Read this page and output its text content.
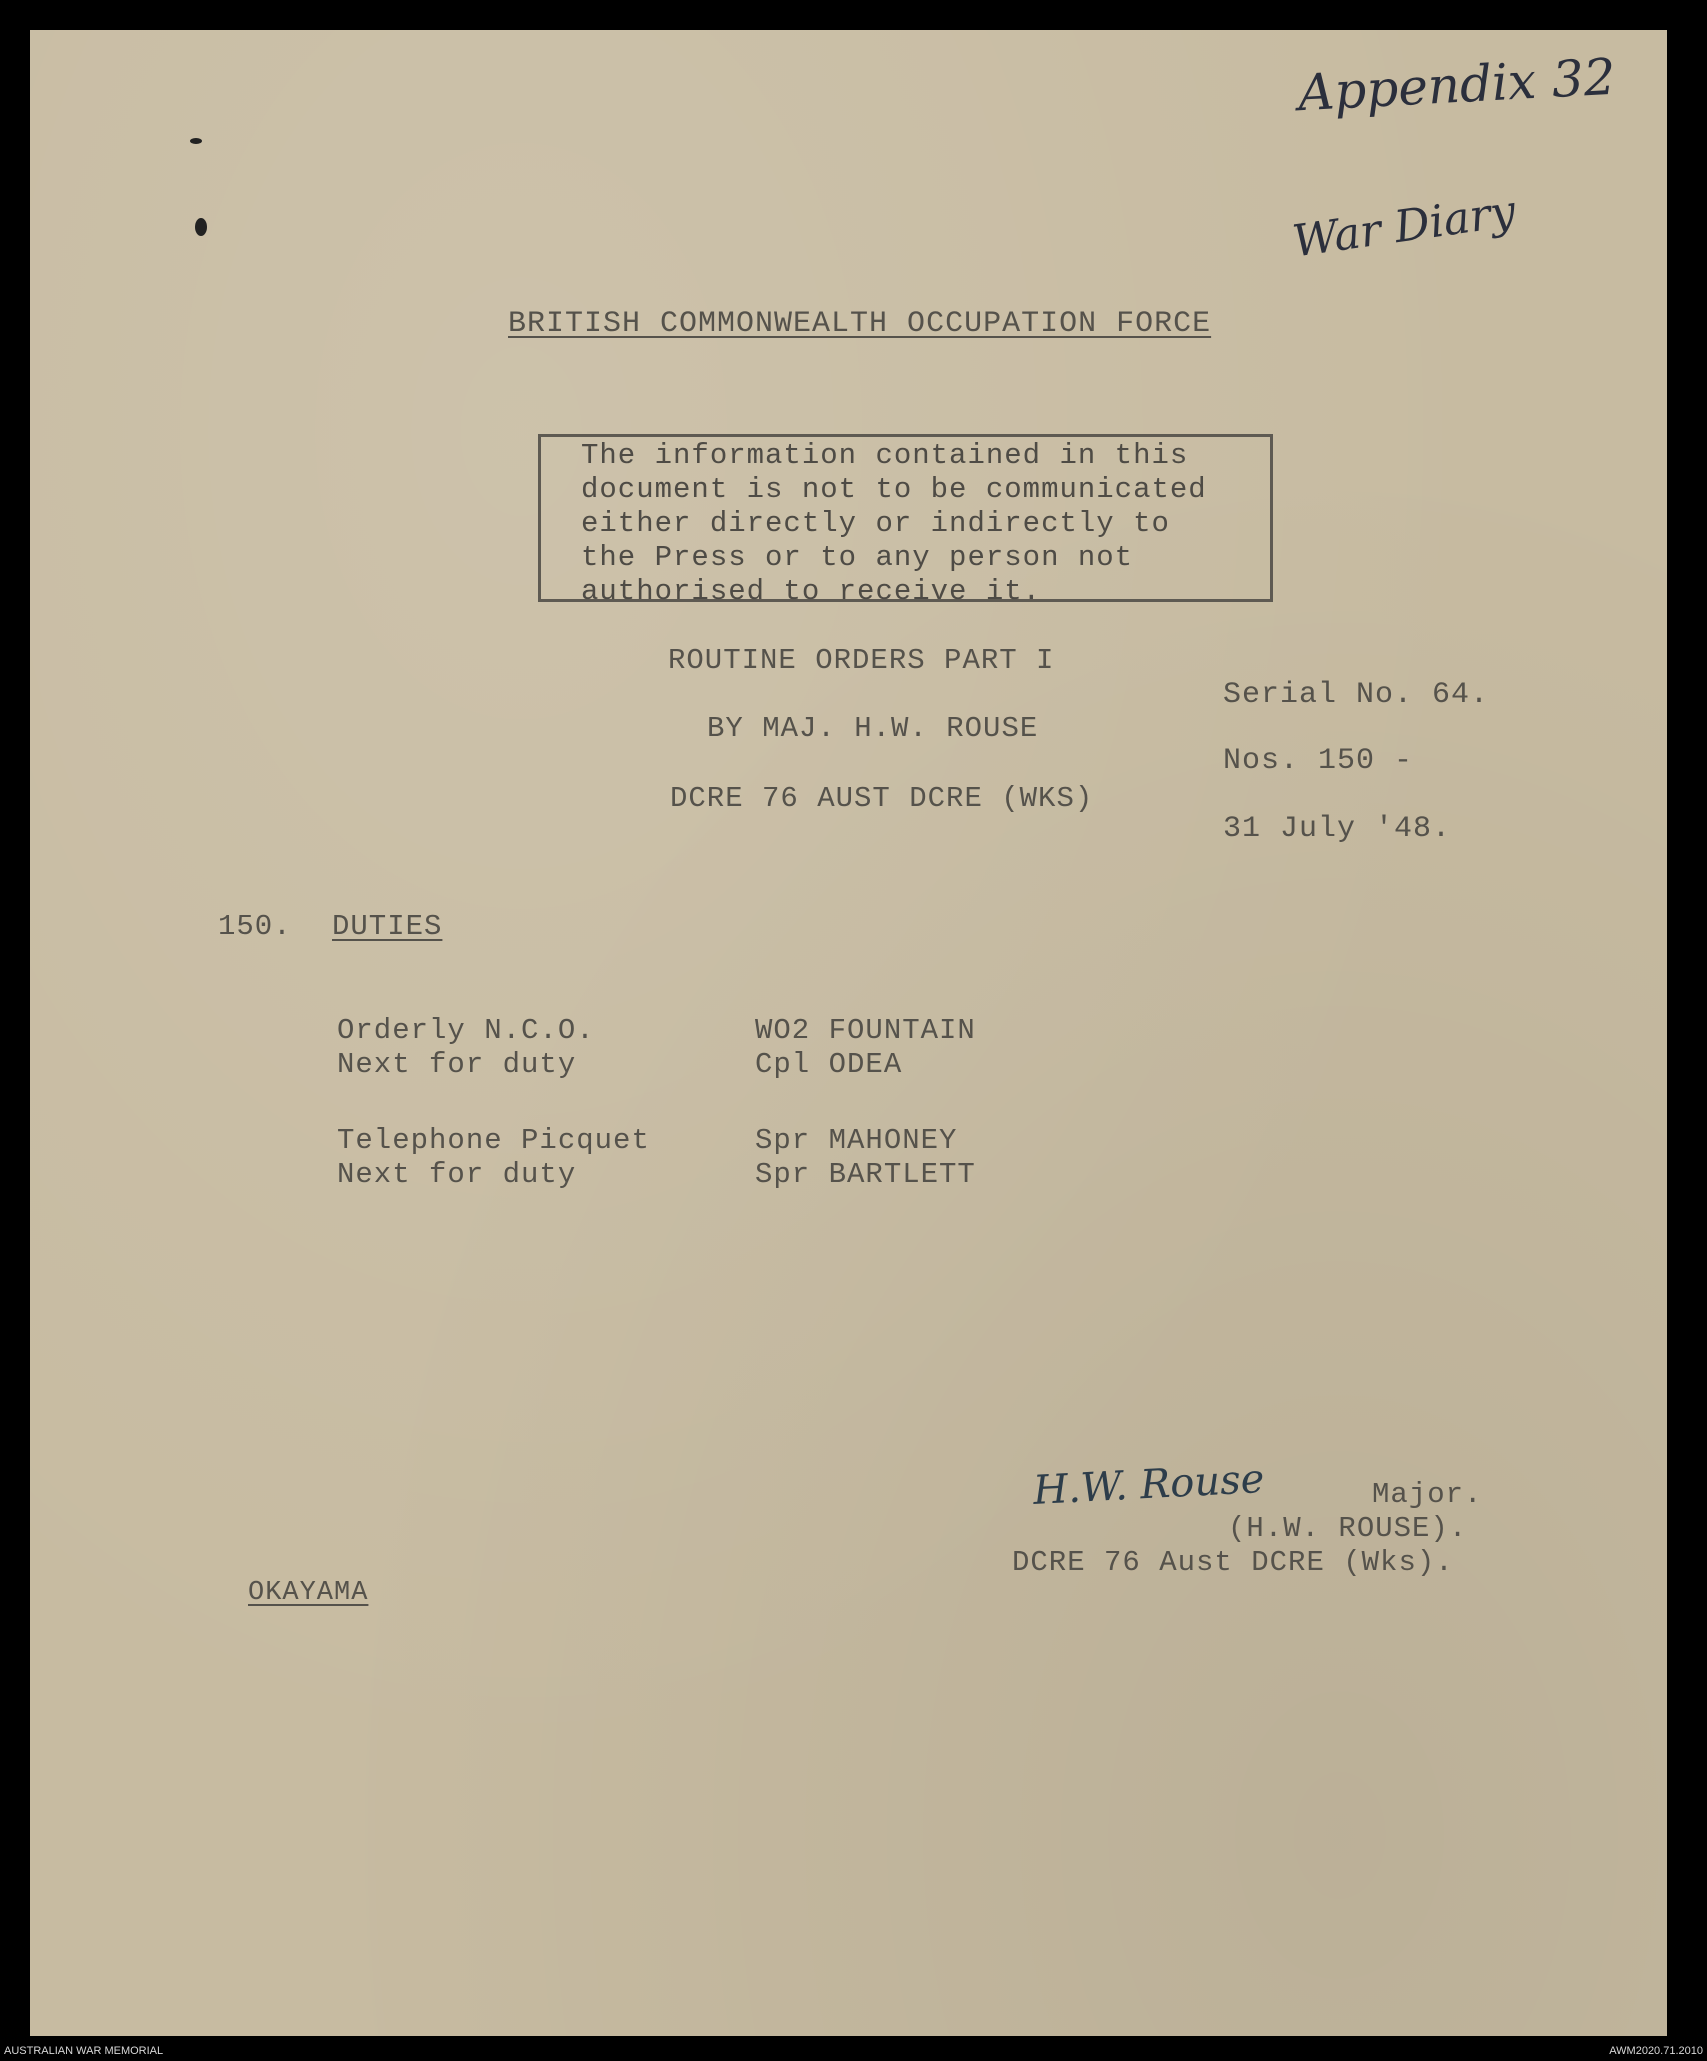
Appendix 32
War Diary
BRITISH COMMONWEALTH OCCUPATION FORCE
The information contained in this
document is not to be communicated
either directly or indirectly to
the Press or to any person not
authorised to receive it.
ROUTINE ORDERS PART I
BY MAJ. H.W. ROUSE
DCRE 76 AUST DCRE (WKS)
Serial No. 64.
Nos. 150 -
31 July '48.
150. DUTIES
Orderly N.C.O.	WO2 FOUNTAIN
Next for duty	Cpl ODEA
Telephone Picquet	Spr MAHONEY
Next for duty	Spr BARTLETT
H.W. Rouse	Major.
(H.W. ROUSE).
DCRE 76 Aust DCRE (Wks).
OKAYAMA
AUSTRALIAN WAR MEMORIAL	AWM2020.71.2010
